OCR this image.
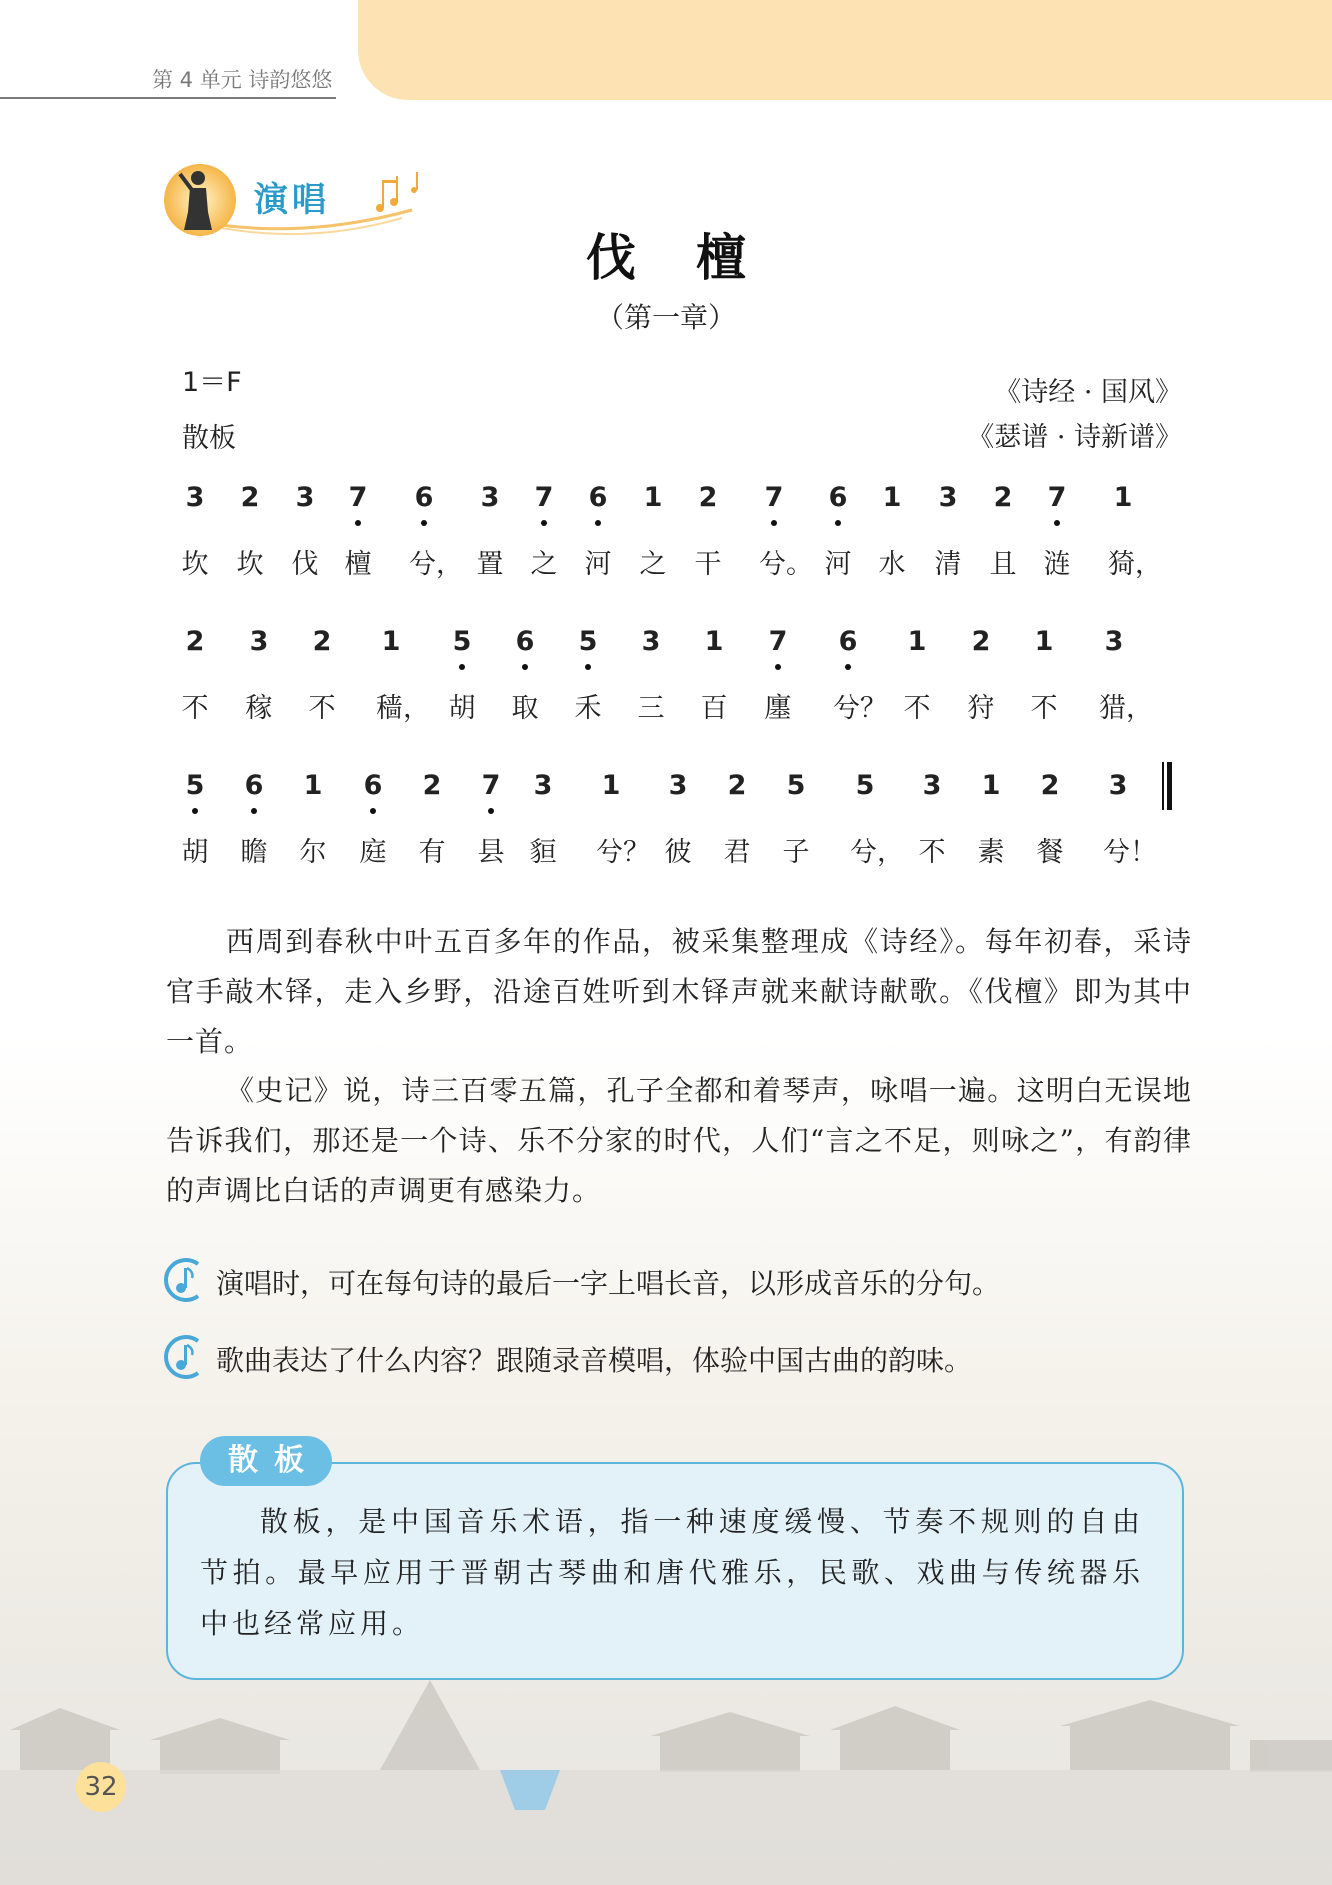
第 4 单元 诗韵悠悠
演唱
伐檀
（第一章）
1＝F
散板
《诗经 · 国风》
《瑟谱 · 诗新谱》
3	2	3	7	6	3	7	6	1	2	7	6	1	3	2	7	1
坎 坎 伐 檀 兮， 置 之 河 之 干 兮。 河 水 清 且 涟 猗，
2	3	2	1	5	6	5	3	1	7	6	1	2	1	3
不 稼 不 穑， 胡 取 禾 三 百 廛 兮？ 不 狩 不 猎，
5	6	1	6	2	7	3	1	3	2	5	5	3	1	2	3
胡 瞻 尔 庭 有 县 貆 兮？ 彼 君 子 兮， 不 素 餐 兮！
西周到春秋中叶五百多年的作品，被采集整理成《诗经》。每年初春，采诗官手敲木铎，走入乡野，沿途百姓听到木铎声就来献诗献歌。《伐檀》即为其中一首。
《史记》说，诗三百零五篇，孔子全都和着琴声，咏唱一遍。这明白无误地告诉我们，那还是一个诗、乐不分家的时代，人们“言之不足，则咏之”，有韵律的声调比白话的声调更有感染力。
演唱时，可在每句诗的最后一字上唱长音，以形成音乐的分句。
歌曲表达了什么内容？跟随录音模唱，体验中国古曲的韵味。
散板
散板，是中国音乐术语，指一种速度缓慢、节奏不规则的自由节拍。最早应用于晋朝古琴曲和唐代雅乐，民歌、戏曲与传统器乐中也经常应用。
32
